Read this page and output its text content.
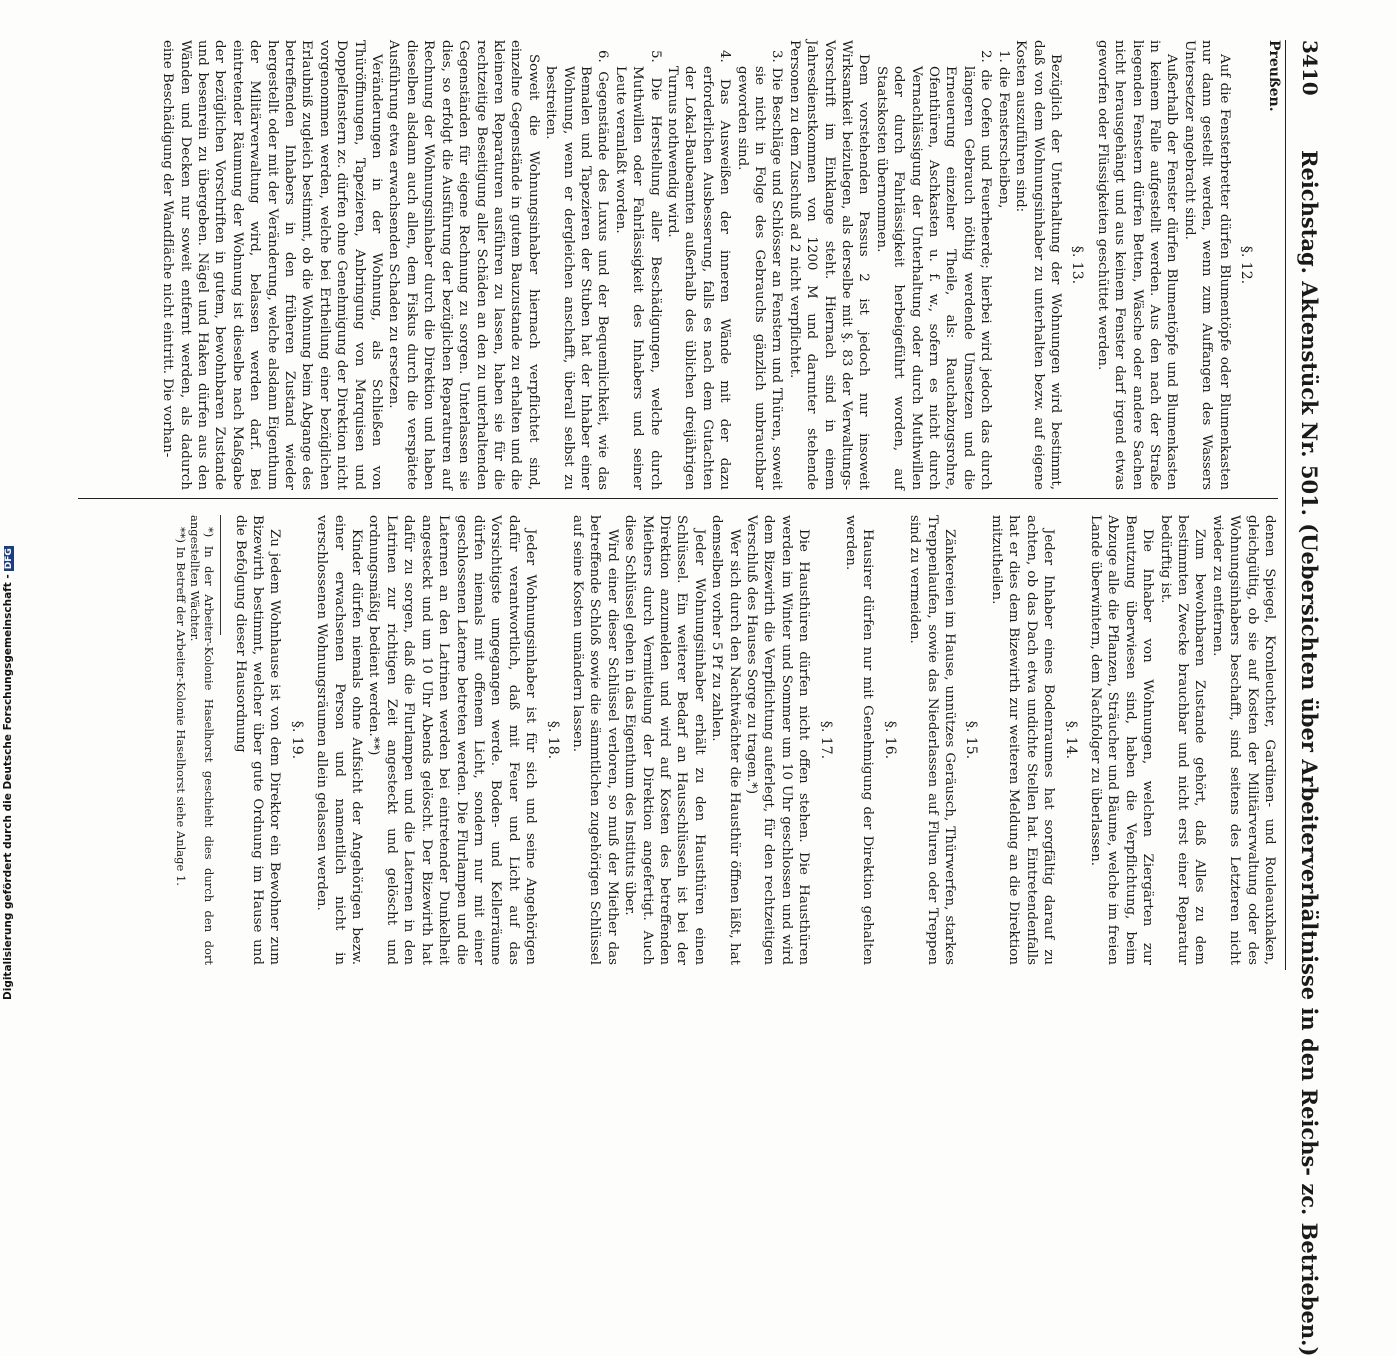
3410
Reichstag. Aktenstück Nr. 501. (Uebersichten über Arbeiterverhältnisse in den Reichs- zc. Betrieben.)
Preußen.
§. 12.

Auf die Fensterbretter dürfen Blumentöpfe oder Blumenkasten nur dann gestellt werden, wenn zum Auffangen des Wassers Untersetzer angebracht sind.

Außerhalb der Fenster dürfen Blumentöpfe und Blumenkasten in keinem Falle aufgestellt werden. Aus den nach der Straße liegenden Fenstern dürfen Betten, Wäsche oder andere Sachen nicht herausgehängt und aus keinem Fenster darf irgend etwas geworfen oder Flüssigkeiten geschüttet werden.

§. 13.

Bezüglich der Unterhaltung der Wohnungen wird bestimmt, daß von dem Wohnungsinhaber zu unterhalten bezw. auf eigene Kosten auszuführen sind:

1. die Fensterscheiben,

2. die Oefen und Feuerheerde; hierbei wird jedoch das durch längeren Gebrauch nöthig werdende Umsetzen und die Erneuerung einzelner Theile, als: Rauchabzugsrohre, Ofenthüren, Aschkasten u. f. w., sofern es nicht durch Vernachlässigung der Unterhaltung oder durch Muthwillen oder durch Fahrlässigkeit herbeigeführt worden, auf Staatskosten übernommen.

Dem vorstehenden Passus 2 ist jedoch nur insoweit Wirksamkeit beizulegen, als derselbe mit §. 83 der Verwaltungs-Vorschrift im Einklange steht. Hiernach sind in einem Jahresdienstkommen von 1200 M und darunter stehende Personen zu dem Zuschuß ad 2 nicht verpflichtet.

3. Die Beschläge und Schlösser an Fenstern und Thüren, soweit sie nicht in Folge des Gebrauchs gänzlich unbrauchbar geworden sind.

4. Das Ausweißen der inneren Wände mit der dazu erforderlichen Ausbesserung, falls es nach dem Gutachten der Lokal-Baubeamten außerhalb des üblichen dreijährigen Turnus nothwendig wird.

5. Die Herstellung aller Beschädigungen, welche durch Muthwillen oder Fahrlässigkeit des Inhabers und seiner Leute veranlaßt worden.

6. Gegenstände des Luxus und der Bequemlichkeit, wie das Bemalen und Tapezieren der Stuben hat der Inhaber einer Wohnung, wenn er dergleichen anschafft, überall selbst zu bestreiten.

Soweit die Wohnungsinhaber hiernach verpflichtet sind, einzelne Gegenstände in gutem Bauzustande zu erhalten und die kleineren Reparaturen ausführen zu lassen, haben sie für die rechtzeitige Beseitigung aller Schäden an den zu unterhaltenden Gegenständen für eigene Rechnung zu sorgen. Unterlassen sie dies, so erfolgt die Ausführung der bezüglichen Reparaturen auf Rechnung der Wohnungsinhaber durch die Direktion und haben dieselben alsdann auch allen, dem Fiskus durch die verspätete Ausführung etwa erwachsenden Schaden zu ersetzen.

Veränderungen in der Wohnung, als Schließen von Thüröffnungen, Tapezieren, Anbringung von Marquisen und Doppelfenstern zc. dürfen ohne Genehmigung der Direktion nicht vorgenommen werden, welche bei Ertheilung einer bezüglichen Erlaubniß zugleich bestimmt, ob die Wohnung beim Abgange des betreffenden Inhabers in den früheren Zustand wieder hergestellt oder mit der Veränderung, welche alsdann Eigenthum der Militärverwaltung wird, belassen werden darf. Bei eintretender Räumung der Wohnung ist dieselbe nach Maßgabe der bezüglichen Vorschriften in gutem, bewohnbaren Zustande und besenrein zu übergeben. Nägel und Haken dürfen aus den Wänden und Decken nur soweit entfernt werden, als dadurch eine Beschädigung der Wandfläche nicht eintritt. Die vorhan-

denen Spiegel, Kronleuchter, Gardinen- und Rouleauxhaken, gleichgültig, ob sie auf Kosten der Militärverwaltung oder des Wohnungsinhabers beschafft, sind seitens des Letzteren nicht wieder zu entfernen.

Zum bewohnbaren Zustande gehört, daß Alles zu dem bestimmten Zwecke brauchbar und nicht erst einer Reparatur bedürftig ist.

Die Inhaber von Wohnungen, welchen Ziergärten zur Benutzung überwiesen sind, haben die Verpflichtung, beim Abzuge alle die Pflanzen, Sträucher und Bäume, welche im freien Lande überwintern, dem Nachfolger zu überlassen.

§. 14.

Jeder Inhaber eines Bodenraumes hat sorgfältig darauf zu achten, ob das Dach etwa undichte Stellen hat. Eintretendenfalls hat er dies dem Bizewirth zur weiteren Meldung an die Direktion mitzutheilen.

§. 15.

Zänkereien im Hause, unnützes Geräusch, Thürwerfen, starkes Treppenlaufen, sowie das Niederlassen auf Fluren oder Treppen sind zu vermeiden.

§. 16.

Hausirer dürfen nur mit Genehmigung der Direktion gehalten werden.

§. 17.

Die Hausthüren dürfen nicht offen stehen. Die Hausthüren werden im Winter und Sommer um 10 Uhr geschlossen und wird dem Bizewirth die Verpflichtung auferlegt, für den rechtzeitigen Verschluß des Hauses Sorge zu tragen.*)

Wer sich durch den Nachtwächter die Hausthür öffnen läßt, hat demselben vorher 5 Pf zu zahlen.

Jeder Wohnungsinhaber erhält zu den Hausthüren einen Schlüssel. Ein weiterer Bedarf an Hausschlüsseln ist bei der Direktion anzumelden und wird auf Kosten des betreffenden Miethers durch Vermittelung der Direktion angefertigt. Auch diese Schlüssel gehen in das Eigenthum des Instituts über.

Wird einer dieser Schlüssel verloren, so muß der Miether das betreffende Schloß sowie die sämmtlichen zugehörigen Schlüssel auf seine Kosten umändern lassen.

§. 18.

Jeder Wohnungsinhaber ist für sich und seine Angehörigen dafür verantwortlich, daß mit Feuer und Licht auf das Vorsichtigste umgegangen werde. Boden- und Kellerräume dürfen niemals mit offenem Licht, sondern nur mit einer geschlossenen Laterne betreten werden. Die Flurlampen und die Laternen an den Latrinen werden bei eintretender Dunkelheit angesteckt und um 10 Uhr Abends gelöscht. Der Bizewirth hat dafür zu sorgen, daß die Flurlampen und die Laternen in den Latrinen zur richtigen Zeit angesteckt und gelöscht und ordnungsmäßig bedient werden.**)

Kinder dürfen niemals ohne Aufsicht der Angehörigen bezw. einer erwachsenen Person und namentlich nicht in verschlossenen Wohnungsräumen allein gelassen werden.

§. 19.

Zu jedem Wohnhause ist von dem Direktor ein Bewohner zum Bizewirth bestimmt, welcher über gute Ordnung im Hause und die Befolgung dieser Hausordnung

*) In der Arbeiter-Kolonie Haselhorst geschieht dies durch den dort angestellten Wächter.

**) In Betreff der Arbeiter-Kolonie Haselhorst siehe Anlage 1.

Digitalisierung gefördert durch die Deutsche Forschungsgemeinschaft -DFG
